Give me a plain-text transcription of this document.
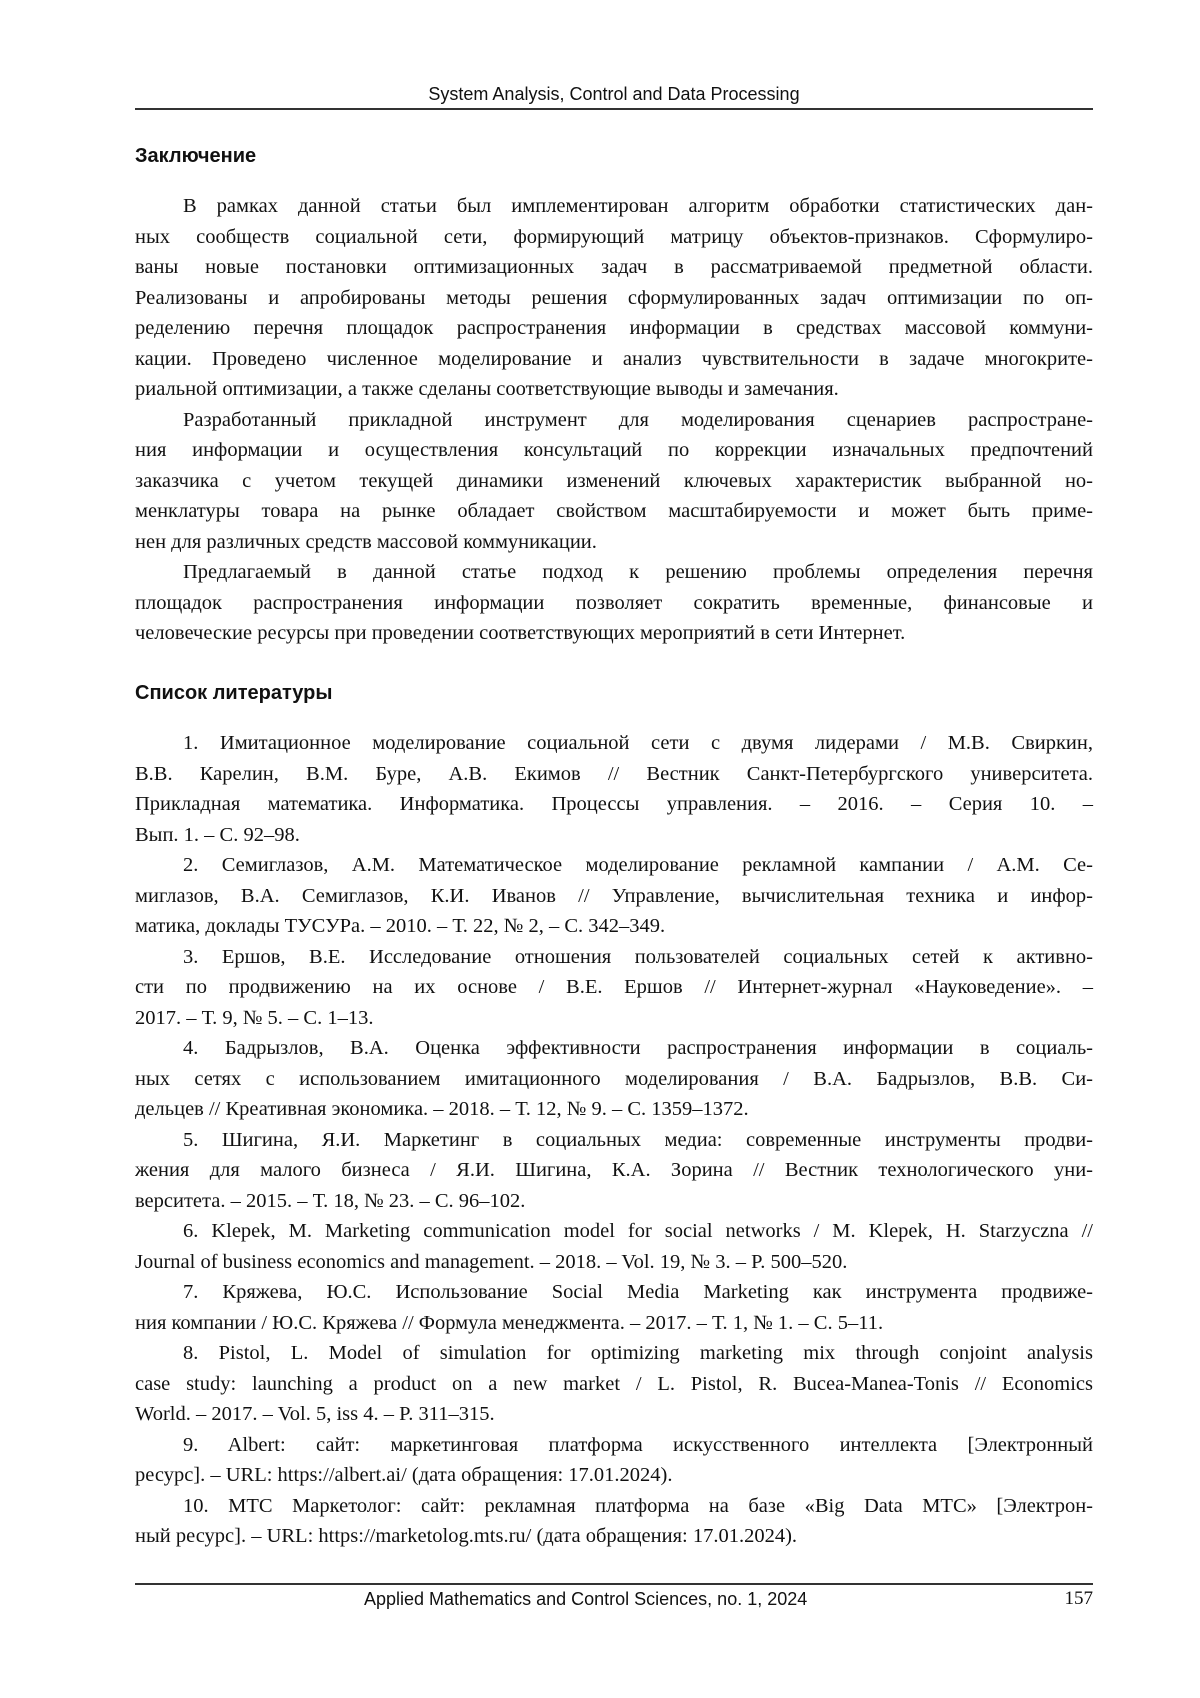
System Analysis, Control and Data Processing
Заключение
В рамках данной статьи был имплементирован алгоритм обработки статистических дан-
ных сообществ социальной сети, формирующий матрицу объектов-признаков. Сформулиро-
ваны новые постановки оптимизационных задач в рассматриваемой предметной области.
Реализованы и апробированы методы решения сформулированных задач оптимизации по оп-
ределению перечня площадок распространения информации в средствах массовой коммуни-
кации. Проведено численное моделирование и анализ чувствительности в задаче многокрите-
риальной оптимизации, а также сделаны соответствующие выводы и замечания.
Разработанный прикладной инструмент для моделирования сценариев распростране-
ния информации и осуществления консультаций по коррекции изначальных предпочтений
заказчика с учетом текущей динамики изменений ключевых характеристик выбранной но-
менклатуры товара на рынке обладает свойством масштабируемости и может быть приме-
нен для различных средств массовой коммуникации.
Предлагаемый в данной статье подход к решению проблемы определения перечня
площадок распространения информации позволяет сократить временные, финансовые и
человеческие ресурсы при проведении соответствующих мероприятий в сети Интернет.
Список литературы
1. Имитационное моделирование социальной сети с двумя лидерами / М.В. Свиркин,
В.В. Карелин, В.М. Буре, А.В. Екимов // Вестник Санкт-Петербургского университета.
Прикладная математика. Информатика. Процессы управления. – 2016. – Серия 10. –
Вып. 1. – С. 92–98.
2. Семиглазов, А.М. Математическое моделирование рекламной кампании / А.М. Се-
миглазов, В.А. Семиглазов, К.И. Иванов // Управление, вычислительная техника и инфор-
матика, доклады ТУСУРа. – 2010. – Т. 22, № 2, – С. 342–349.
3. Ершов, В.Е. Исследование отношения пользователей социальных сетей к активно-
сти по продвижению на их основе / В.Е. Ершов // Интернет-журнал «Науковедение». –
2017. – Т. 9, № 5. – С. 1–13.
4. Бадрызлов, В.А. Оценка эффективности распространения информации в социаль-
ных сетях с использованием имитационного моделирования / В.А. Бадрызлов, В.В. Си-
дельцев // Креативная экономика. – 2018. – Т. 12, № 9. – С. 1359–1372.
5. Шигина, Я.И. Маркетинг в социальных медиа: современные инструменты продви-
жения для малого бизнеса / Я.И. Шигина, К.А. Зорина // Вестник технологического уни-
верситета. – 2015. – Т. 18, № 23. – С. 96–102.
6. Klepek, M. Marketing communication model for social networks / M. Klepek, H. Starzyczna //
Journal of business economics and management. – 2018. – Vol. 19, № 3. – P. 500–520.
7. Кряжева, Ю.С. Использование Social Media Marketing как инструмента продвиже-
ния компании / Ю.С. Кряжева // Формула менеджмента. – 2017. – Т. 1, № 1. – С. 5–11.
8. Pistol, L. Model of simulation for optimizing marketing mix through conjoint analysis
case study: launching a product on a new market / L. Pistol, R. Bucea-Manea-Tonis // Economics
World. – 2017. – Vol. 5, iss 4. – P. 311–315.
9. Albert: сайт: маркетинговая платформа искусственного интеллекта [Электронный
ресурс]. – URL: https://albert.ai/ (дата обращения: 17.01.2024).
10. МТС Маркетолог: сайт: рекламная платформа на базе «Big Data МТС» [Электрон-
ный ресурс]. – URL: https://marketolog.mts.ru/ (дата обращения: 17.01.2024).
Applied Mathematics and Control Sciences, no. 1, 2024	157
